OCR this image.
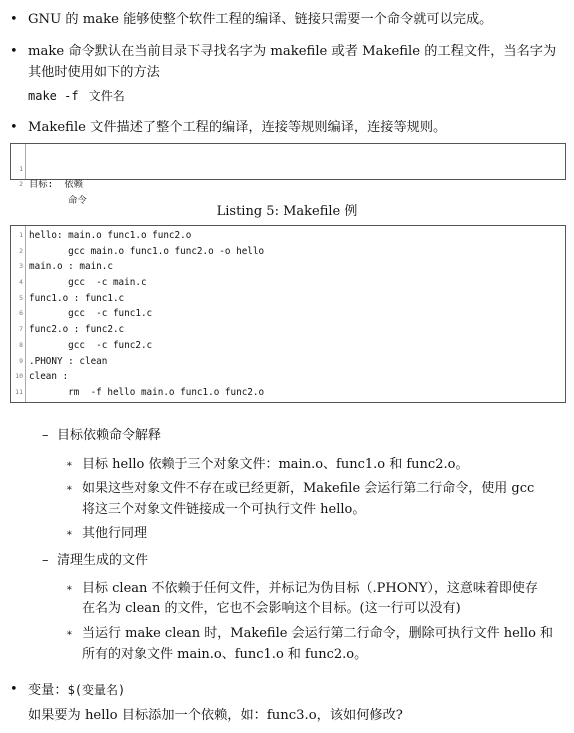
• GNU 的 make 能够使整个软件工程的编译、链接只需要一个命令就可以完成。
• make 命令默认在当前目录下寻找名字为 makefile 或者 Makefile 的工程文件，当名字为
其他时使用如下的方法
make -f 文件名
• Makefile 文件描述了整个工程的编译，连接等规则编译，连接等规则。

1

目标:  依赖

2

命令

Listing 5: Makefile 例
1 hello: main.o func1.o func2.o
2 gcc main.o func1.o func2.o -o hello
3 main.o : main.c
4 gcc  -c main.c
5 func1.o : func1.c
6 gcc  -c func1.c
7 func2.o : func2.c
8 gcc  -c func2.c
9 .PHONY : clean
10 clean :
11 rm  -f hello main.o func1.o func2.o
– 目标依赖命令解释
∗ 目标 hello 依赖于三个对象文件：main.o、func1.o 和 func2.o。
∗ 如果这些对象文件不存在或已经更新，Makefile 会运行第二行命令，使用 gcc
将这三个对象文件链接成一个可执行文件 hello。
∗ 其他行同理
– 清理生成的文件
∗ 目标 clean 不依赖于任何文件，并标记为伪目标（.PHONY），这意味着即使存
在名为 clean 的文件，它也不会影响这个目标。(这一行可以没有)
∗ 当运行 make clean 时，Makefile 会运行第二行命令，删除可执行文件 hello 和
所有的对象文件 main.o、func1.o 和 func2.o。
• 变量：$(变量名)
如果要为 hello 目标添加一个依赖，如：func3.o，该如何修改?
